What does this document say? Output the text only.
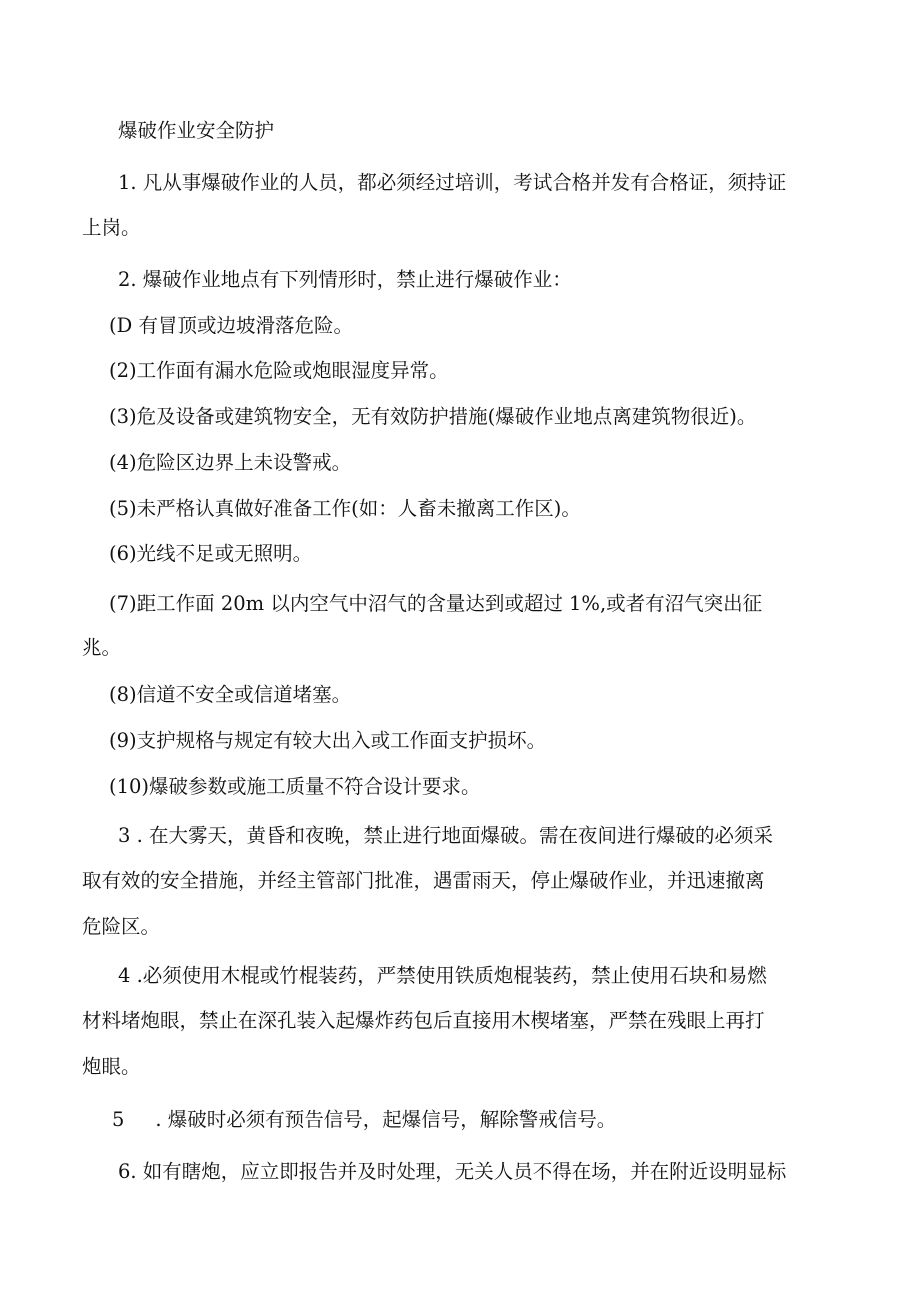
爆破作业安全防护
1. 凡从事爆破作业的人员，都必须经过培训，考试合格并发有合格证，须持证
上岗。
2. 爆破作业地点有下列情形时，禁止进行爆破作业：
(D 有冒顶或边坡滑落危险。
(2)工作面有漏水危险或炮眼湿度异常。
(3)危及设备或建筑物安全，无有效防护措施(爆破作业地点离建筑物很近)。
(4)危险区边界上未设警戒。
(5)未严格认真做好准备工作(如：人畜未撤离工作区)。
(6)光线不足或无照明。
(7)距工作面 20m 以内空气中沼气的含量达到或超过 1%,或者有沼气突出征
兆。
(8)信道不安全或信道堵塞。
(9)支护规格与规定有较大出入或工作面支护损坏。
(10)爆破参数或施工质量不符合设计要求。
3 . 在大雾天，黄昏和夜晚，禁止进行地面爆破。需在夜间进行爆破的必须采
取有效的安全措施，并经主管部门批准，遇雷雨天，停止爆破作业，并迅速撤离
危险区。
4 .必须使用木棍或竹棍装药，严禁使用铁质炮棍装药，禁止使用石块和易燃
材料堵炮眼，禁止在深孔装入起爆炸药包后直接用木楔堵塞，严禁在残眼上再打
炮眼。
5     . 爆破时必须有预告信号，起爆信号，解除警戒信号。
6. 如有瞎炮，应立即报告并及时处理，无关人员不得在场，并在附近设明显标
